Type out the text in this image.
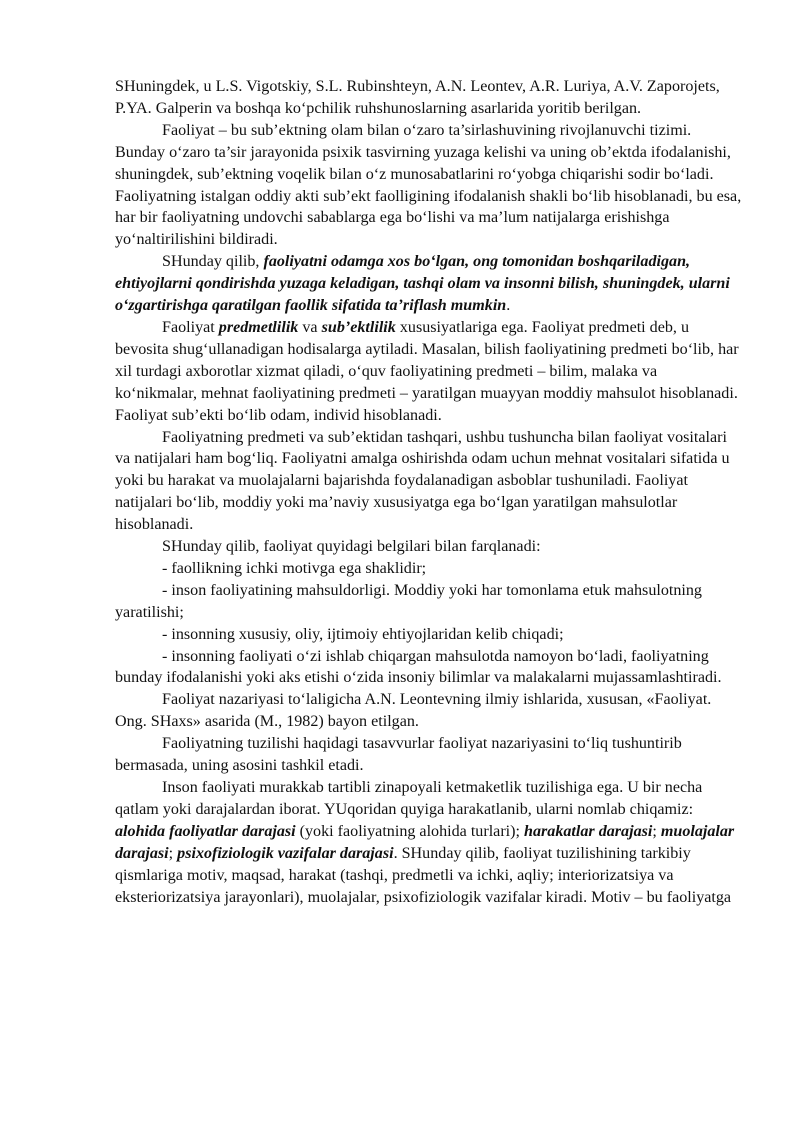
SHuningdek, u L.S. Vigotskiy, S.L. Rubinshteyn, A.N. Leontev, A.R. Luriya, A.V. Zaporojets, P.YA. Galperin va boshqa ko‘pchilik ruhshunoslarning asarlarida yoritib berilgan.

Faoliyat – bu sub’ektning olam bilan o‘zaro ta’sirlashuvining rivojlanuvchi tizimi. Bunday o‘zaro ta’sir jarayonida psixik tasvirning yuzaga kelishi va uning ob’ektda ifodalanishi, shuningdek, sub’ektning voqelik bilan o‘z munosabatlarini ro‘yobga chiqarishi sodir bo‘ladi. Faoliyatning istalgan oddiy akti sub’ekt faolligining ifodalanish shakli bo‘lib hisoblanadi, bu esa, har bir faoliyatning undovchi sabablarga ega bo‘lishi va ma’lum natijalarga erishishga yo‘naltirilishini bildiradi.

SHunday qilib, faoliyatni odamga xos bo‘lgan, ong tomonidan boshqariladigan, ehtiyojlarni qondirishda yuzaga keladigan, tashqi olam va insonni bilish, shuningdek, ularni o‘zgartirishga qaratilgan faollik sifatida ta’riflash mumkin.

Faoliyat predmetlilik va sub’ektlilik xususiyatlariga ega. Faoliyat predmeti deb, u bevosita shug‘ullanadigan hodisalarga aytiladi. Masalan, bilish faoliyatining predmeti bo‘lib, har xil turdagi axborotlar xizmat qiladi, o‘quv faoliyatining predmeti – bilim, malaka va ko‘nikmalar, mehnat faoliyatining predmeti – yaratilgan muayyan moddiy mahsulot hisoblanadi. Faoliyat sub’ekti bo‘lib odam, individ hisoblanadi.

Faoliyatning predmeti va sub’ektidan tashqari, ushbu tushuncha bilan faoliyat vositalari va natijalari ham bog‘liq. Faoliyatni amalga oshirishda odam uchun mehnat vositalari sifatida u yoki bu harakat va muolajalarni bajarishda foydalanadigan asboblar tushuniladi. Faoliyat natijalari bo‘lib, moddiy yoki ma’naviy xususiyatga ega bo‘lgan yaratilgan mahsulotlar hisoblanadi.

SHunday qilib, faoliyat quyidagi belgilari bilan farqlanadi:

- faollikning ichki motivga ega shaklidir;

- inson faoliyatining mahsuldorligi. Moddiy yoki har tomonlama etuk mahsulotning yaratilishi;

- insonning xususiy, oliy, ijtimoiy ehtiyojlaridan kelib chiqadi;

- insonning faoliyati o‘zi ishlab chiqargan mahsulotda namoyon bo‘ladi, faoliyatning bunday ifodalanishi yoki aks etishi o‘zida insoniy bilimlar va malakalarni mujassamlashtiradi.

Faoliyat nazariyasi to‘laligicha A.N. Leontevning ilmiy ishlarida, xususan, «Faoliyat. Ong. SHaxs» asarida (M., 1982) bayon etilgan.

Faoliyatning tuzilishi haqidagi tasavvurlar faoliyat nazariyasini to‘liq tushuntirib bermasada, uning asosini tashkil etadi.

Inson faoliyati murakkab tartibli zinapoyali ketmaketlik tuzilishiga ega. U bir necha qatlam yoki darajalardan iborat. YUqoridan quyiga harakatlanib, ularni nomlab chiqamiz: alohida faoliyatlar darajasi (yoki faoliyatning alohida turlari); harakatlar darajasi; muolajalar darajasi; psixofiziologik vazifalar darajasi. SHunday qilib, faoliyat tuzilishining tarkibiy qismlariga motiv, maqsad, harakat (tashqi, predmetli va ichki, aqliy; interiorizatsiya va eksteriorizatsiya jarayonlari), muolajalar, psixofiziologik vazifalar kiradi. Motiv – bu faoliyatga
